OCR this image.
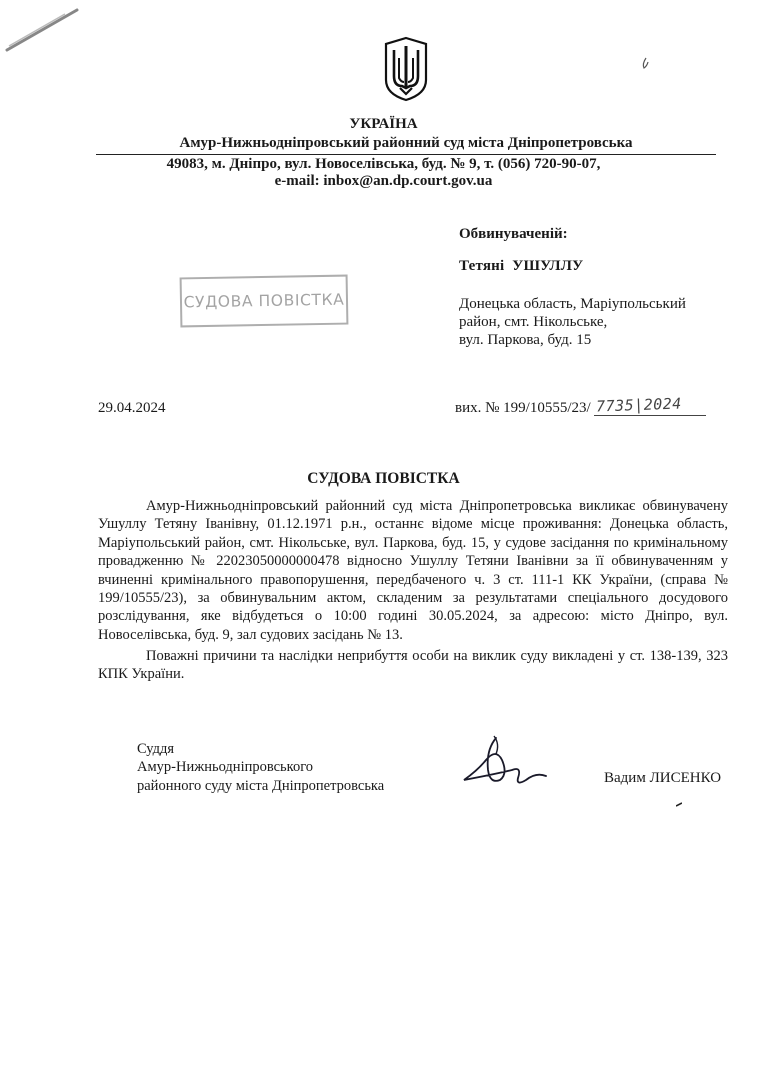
УКРАЇНА
Амур-Нижньодніпровський районний суд міста Дніпропетровська
49083, м. Дніпро, вул. Новоселівська, буд. № 9, т. (056) 720-90-07,
e-mail: inbox@an.dp.court.gov.ua
Обвинуваченій:
Тетяні  УШУЛЛУ
Донецька область, Маріупольський
район, смт. Нікольське,
вул. Паркова, буд. 15
СУДОВА ПОВІСТКА
29.04.2024	вих. № 199/10555/23/ 7735|2024
СУДОВА ПОВІСТКА

Амур-Нижньодніпровський районний суд міста Дніпропетровська викликає обвинувачену Ушуллу Тетяну Іванівну, 01.12.1971 р.н., останнє відоме місце проживання: Донецька область, Маріупольський район, смт. Нікольське, вул. Паркова, буд. 15, у судове засідання по кримінальному провадженню № 22023050000000478 відносно Ушуллу Тетяни Іванівни за її обвинуваченням у вчиненні кримінального правопорушення, передбаченого ч. 3 ст. 111-1 КК України, (справа № 199/10555/23), за обвинувальним актом, складеним за результатами спеціального досудового розслідування, яке відбудеться о 10:00 годині 30.05.2024, за адресою: місто Дніпро, вул. Новоселівська, буд. 9, зал судових засідань № 13.

Поважні причини та наслідки неприбуття особи на виклик суду викладені у ст. 138-139, 323 КПК України.

Суддя
Амур-Нижньодніпровського
районного суду міста Дніпропетровська	Вадим ЛИСЕНКО
